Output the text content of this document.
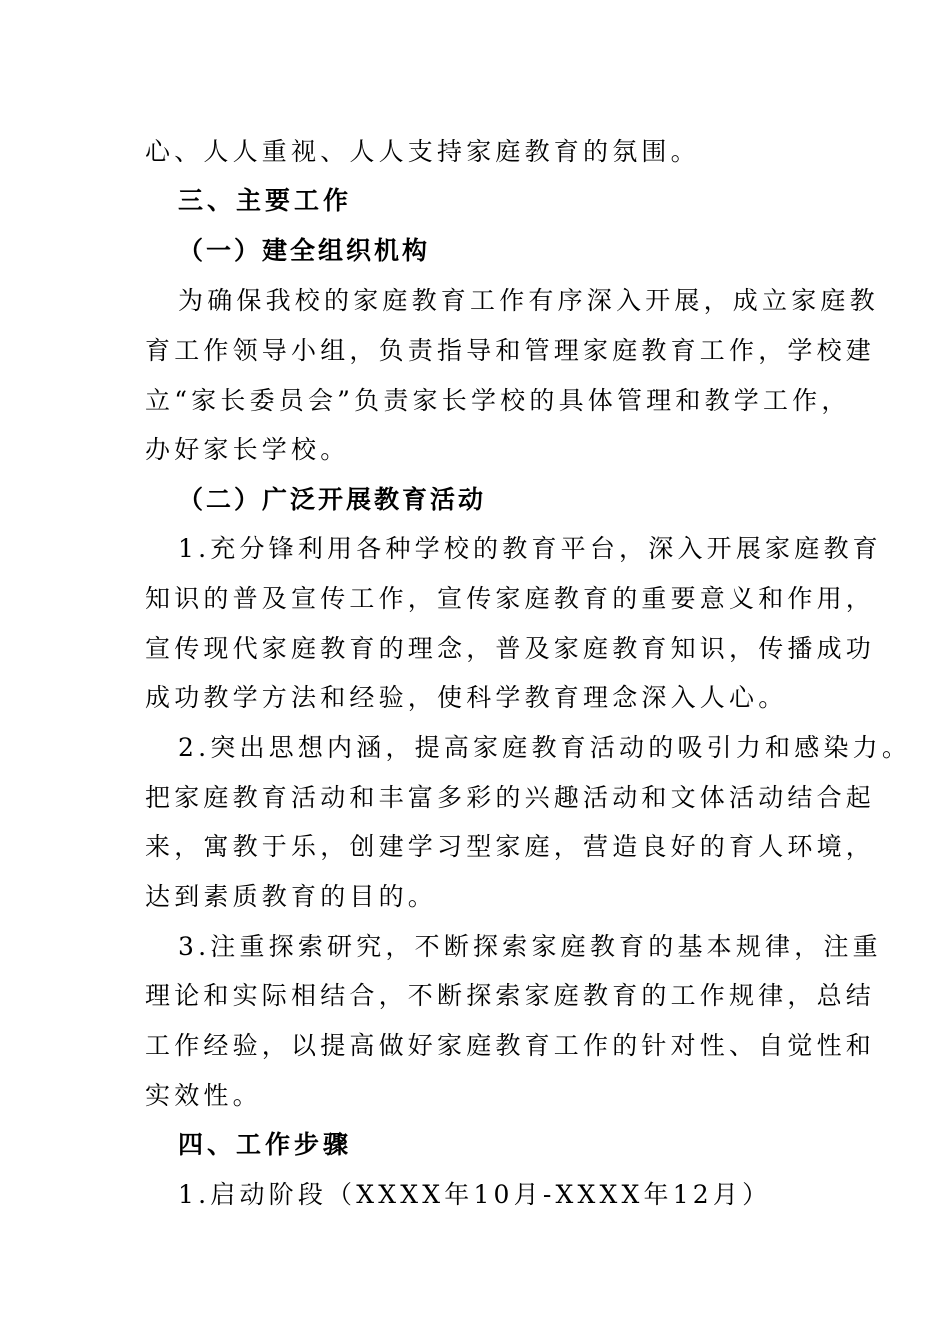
心、人人重视、人人支持家庭教育的氛围。
三、主要工作
（一）建全组织机构
为确保我校的家庭教育工作有序深入开展，成立家庭教
育工作领导小组，负责指导和管理家庭教育工作，学校建
立“家长委员会”负责家长学校的具体管理和教学工作，
办好家长学校。
（二）广泛开展教育活动
1.充分锋利用各种学校的教育平台，深入开展家庭教育
知识的普及宣传工作，宣传家庭教育的重要意义和作用，
宣传现代家庭教育的理念，普及家庭教育知识，传播成功
成功教学方法和经验，使科学教育理念深入人心。
2.突出思想内涵，提高家庭教育活动的吸引力和感染力。
把家庭教育活动和丰富多彩的兴趣活动和文体活动结合起
来，寓教于乐，创建学习型家庭，营造良好的育人环境，
达到素质教育的目的。
3.注重探索研究，不断探索家庭教育的基本规律，注重
理论和实际相结合，不断探索家庭教育的工作规律，总结
工作经验，以提高做好家庭教育工作的针对性、自觉性和
实效性。
四、工作步骤
1.启动阶段（XXXX年10月-XXXX年12月）
